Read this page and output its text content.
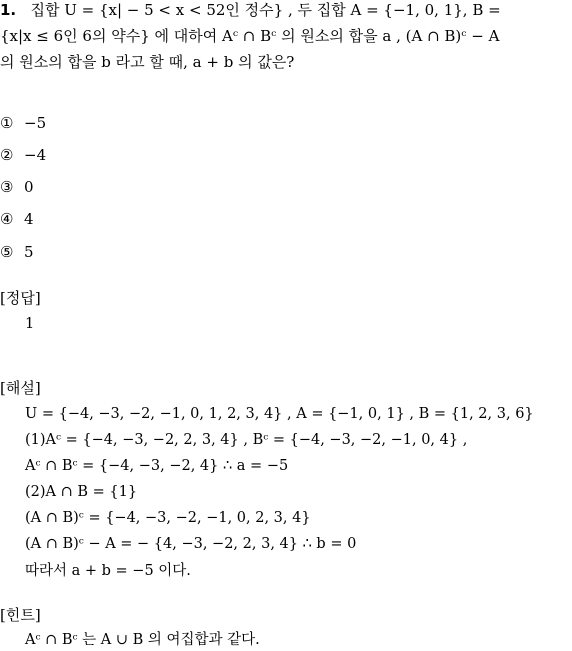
1. 집합 U = {x| − 5 < x < 52인 정수} , 두 집합 A = {−1, 0, 1}, B =
{x|x ≤ 6인 6의 약수} 에 대하여 Aᶜ ∩ Bᶜ 의 원소의 합을 a , (A ∩ B)ᶜ − A
의 원소의 합을 b 라고 할 때, a + b 의 값은?
① −5
② −4
③ 0
④ 4
⑤ 5
[정답]
1
[해설]
U = {−4, −3, −2, −1, 0, 1, 2, 3, 4} , A = {−1, 0, 1} , B = {1, 2, 3, 6}
(1)Aᶜ = {−4, −3, −2, 2, 3, 4} , Bᶜ = {−4, −3, −2, −1, 0, 4} ,
Aᶜ ∩ Bᶜ = {−4, −3, −2, 4} ∴ a = −5
(2)A ∩ B = {1}
(A ∩ B)ᶜ = {−4, −3, −2, −1, 0, 2, 3, 4}
(A ∩ B)ᶜ − A = − {4, −3, −2, 2, 3, 4} ∴ b = 0
따라서 a + b = −5 이다.
[힌트]
Aᶜ ∩ Bᶜ 는 A ∪ B 의 여집합과 같다.
